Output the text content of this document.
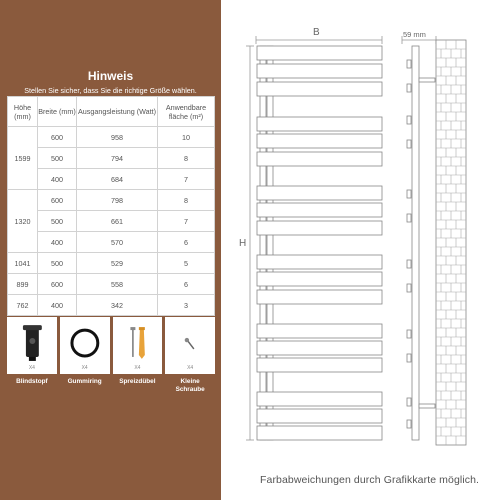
Hinweis
Stellen Sie sicher, dass Sie die richtige Größe wählen.
Höhe (mm)	Breite (mm)	Ausgangsleistung (Watt)	Anwendbare fläche (m²)
1599	600	958	10
	500	794	8
	400	684	7
1320	600	798	8
	500	661	7
	400	570	6
1041	500	529	5
899	600	558	6
762	400	342	3
X4
Blindstopf
X4
Gummiring
X4
Spreizdübel
X4
Kleine Schraube
B
H
59 mm
Farbabweichungen durch Grafikkarte möglich.
